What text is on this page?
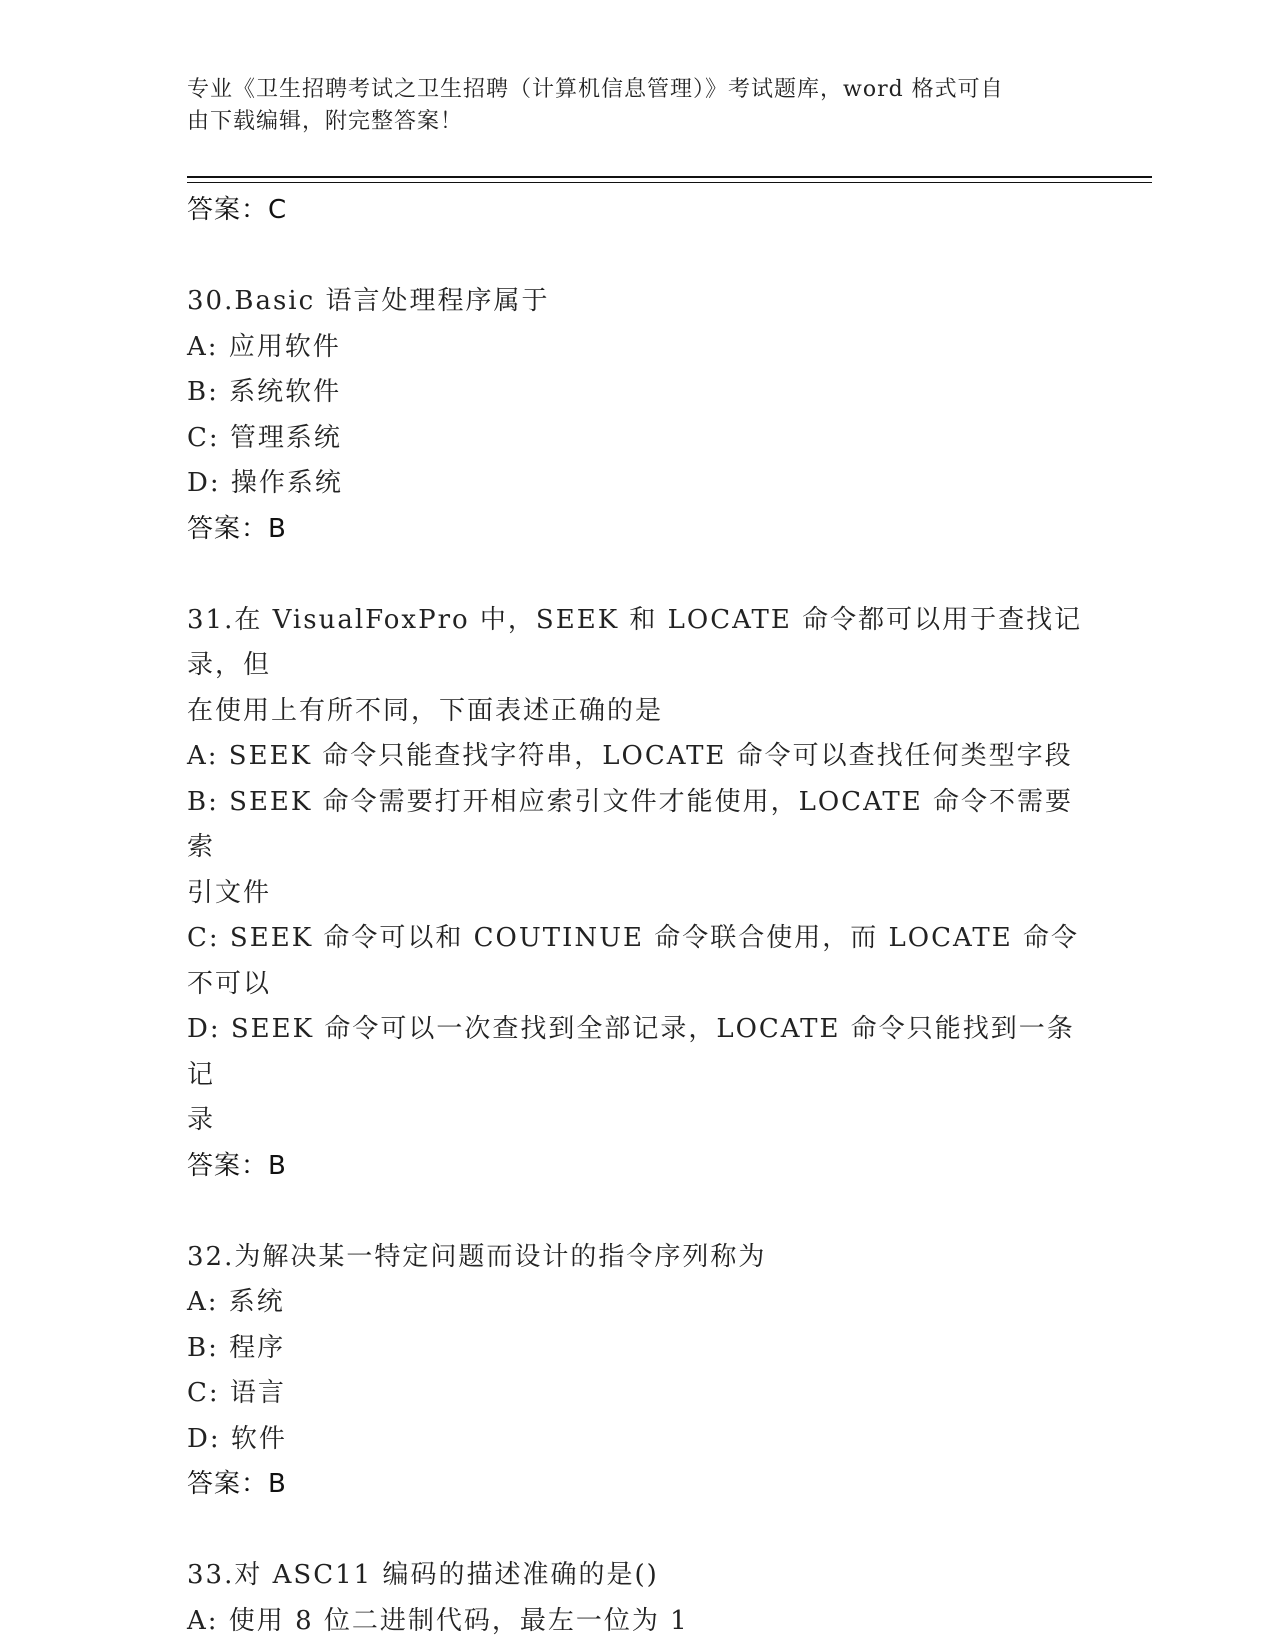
专业《卫生招聘考试之卫生招聘（计算机信息管理）》考试题库，word 格式可自
由下载编辑，附完整答案！
答案：C
30.Basic 语言处理程序属于
A: 应用软件
B: 系统软件
C: 管理系统
D: 操作系统
答案：B
31.在 VisualFoxPro 中，SEEK 和 LOCATE 命令都可以用于查找记录，但
在使用上有所不同，下面表述正确的是
A: SEEK 命令只能查找字符串，LOCATE 命令可以查找任何类型字段
B: SEEK 命令需要打开相应索引文件才能使用，LOCATE 命令不需要索
引文件
C: SEEK 命令可以和 COUTINUE 命令联合使用，而 LOCATE 命令不可以
D: SEEK 命令可以一次查找到全部记录，LOCATE 命令只能找到一条记
录
答案：B
32.为解决某一特定问题而设计的指令序列称为
A: 系统
B: 程序
C: 语言
D: 软件
答案：B
33.对 ASC11 编码的描述准确的是()
A: 使用 8 位二进制代码，最左一位为 1
